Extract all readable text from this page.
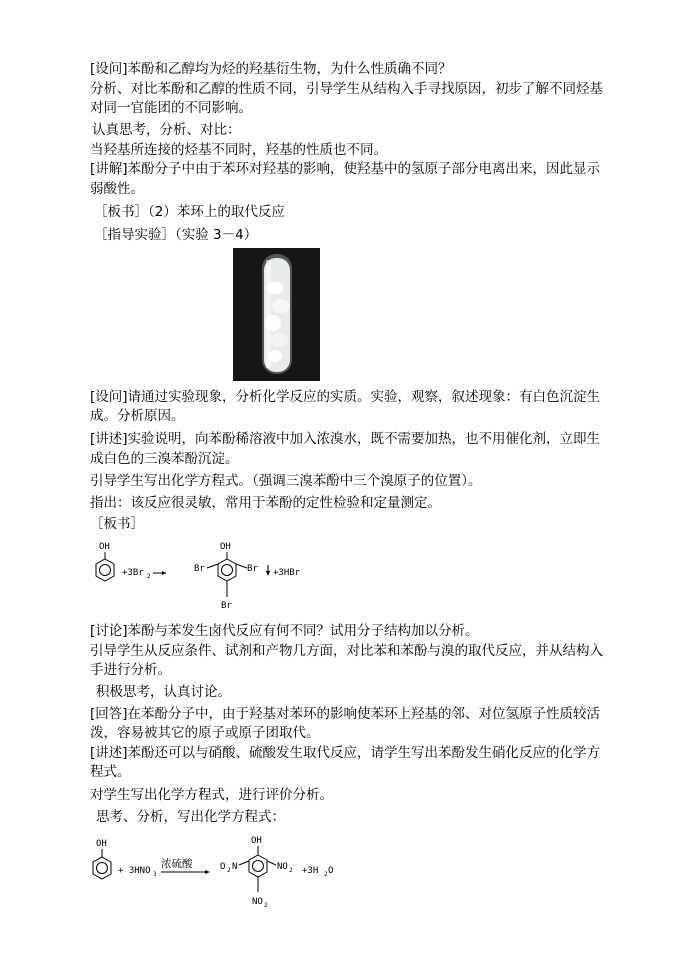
[设问]苯酚和乙醇均为烃的羟基衍生物，为什么性质确不同？
分析、对比苯酚和乙醇的性质不同，引导学生从结构入手寻找原因，初步了解不同烃基
对同一官能团的不同影响。
认真思考，分析、对比：
当羟基所连接的烃基不同时，羟基的性质也不同。
[讲解]苯酚分子中由于苯环对羟基的影响，使羟基中的氢原子部分电离出来，因此显示
弱酸性。
［板书］（2）苯环上的取代反应
［指导实验］（实验 3－4）
[设问]请通过实验现象，分析化学反应的实质。实验，观察，叙述现象：有白色沉淀生
成。分析原因。
[讲述]实验说明，向苯酚稀溶液中加入浓溴水，既不需要加热，也不用催化剂，立即生
成白色的三溴苯酚沉淀。
引导学生写出化学方程式。（强调三溴苯酚中三个溴原子的位置）。
指出：该反应很灵敏，常用于苯酚的定性检验和定量测定。
［板书］
OH
+3Br 2
OH
Br	Br
Br
+3HBr
[讨论]苯酚与苯发生卤代反应有何不同？试用分子结构加以分析。
引导学生从反应条件、试剂和产物几方面，对比苯和苯酚与溴的取代反应，并从结构入
手进行分析。
积极思考，认真讨论。
[回答]在苯酚分子中，由于羟基对苯环的影响使苯环上羟基的邻、对位氢原子性质较活
泼，容易被其它的原子或原子团取代。
[讲述]苯酚还可以与硝酸、硫酸发生取代反应，请学生写出苯酚发生硝化反应的化学方
程式。
对学生写出化学方程式，进行评价分析。
思考、分析，写出化学方程式：
OH
+ 3HNO 3
浓硫酸
OH
O 2 N	NO 2
NO 2
+3H 2 O
